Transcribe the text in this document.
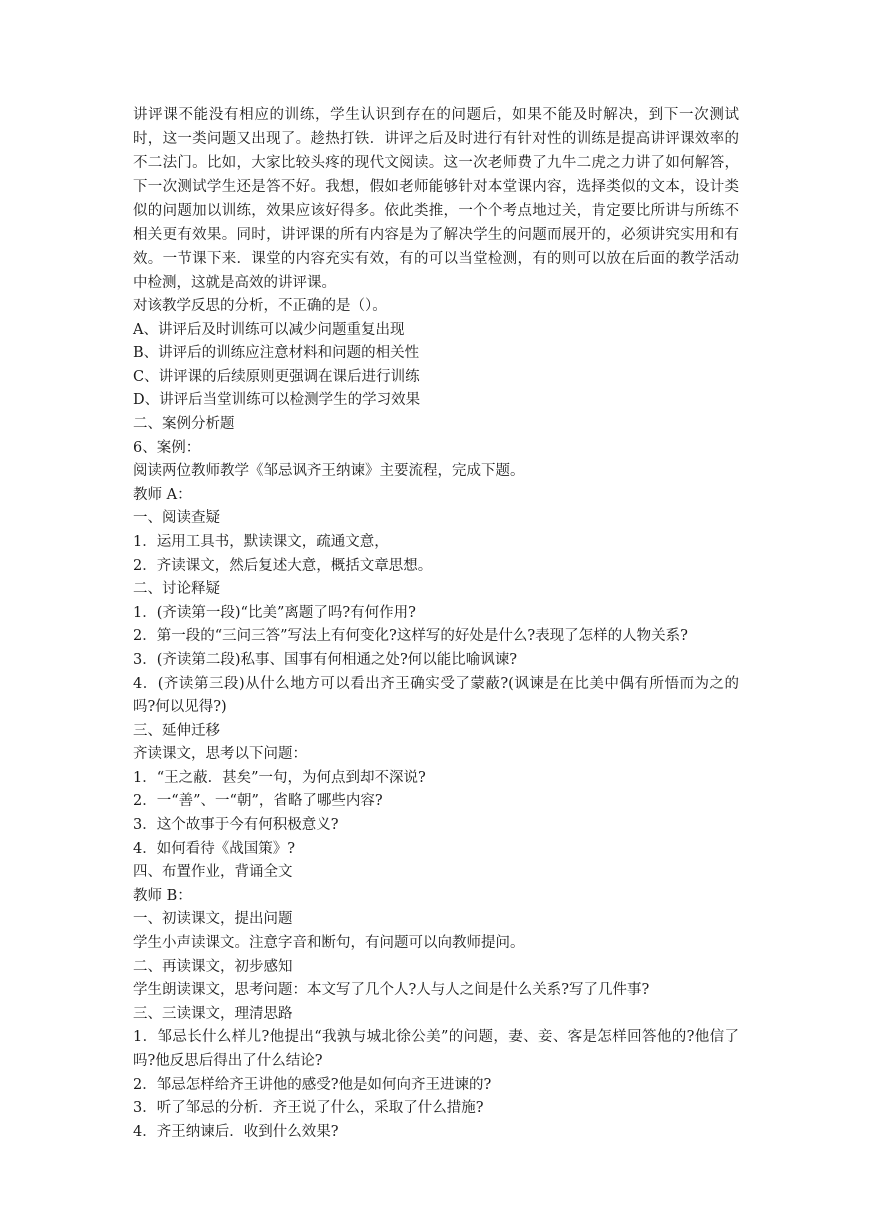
讲评课不能没有相应的训练，学生认识到存在的问题后，如果不能及时解决，到下一次测试时，这一类问题又出现了。趁热打铁．讲评之后及时进行有针对性的训练是提高讲评课效率的不二法门。比如，大家比较头疼的现代文阅读。这一次老师费了九牛二虎之力讲了如何解答，下一次测试学生还是答不好。我想，假如老师能够针对本堂课内容，选择类似的文本，设计类似的问题加以训练，效果应该好得多。依此类推，一个个考点地过关，肯定要比所讲与所练不相关更有效果。同时，讲评课的所有内容是为了解决学生的问题而展开的，必须讲究实用和有效。一节课下来．课堂的内容充实有效，有的可以当堂检测，有的则可以放在后面的教学活动中检测，这就是高效的讲评课。

对该教学反思的分析，不正确的是（）。

A、讲评后及时训练可以减少问题重复出现

B、讲评后的训练应注意材料和问题的相关性

C、讲评课的后续原则更强调在课后进行训练

D、讲评后当堂训练可以检测学生的学习效果

二、案例分析题

6、案例：

阅读两位教师教学《邹忌讽齐王纳谏》主要流程，完成下题。

教师 A：

一、阅读查疑

1．运用工具书，默读课文，疏通文意，

2．齐读课文，然后复述大意，概括文章思想。

二、讨论释疑

1．(齐读第一段)“比美”离题了吗?有何作用?

2．第一段的“三问三答”写法上有何变化?这样写的好处是什么?表现了怎样的人物关系?

3．(齐读第二段)私事、国事有何相通之处?何以能比喻讽谏?

4．(齐读第三段)从什么地方可以看出齐王确实受了蒙蔽?(讽谏是在比美中偶有所悟而为之的吗?何以见得?)

三、延伸迁移

齐读课文，思考以下问题：

1．“王之蔽．甚矣”一句，为何点到却不深说?

2．一“善”、一“朝”，省略了哪些内容?

3．这个故事于今有何积极意义?

4．如何看待《战国策》?

四、布置作业，背诵全文

教师 B：

一、初读课文，提出问题

学生小声读课文。注意字音和断句，有问题可以向教师提问。

二、再读课文，初步感知

学生朗读课文，思考问题：本文写了几个人?人与人之间是什么关系?写了几件事?

三、三读课文，理清思路

1．邹忌长什么样儿?他提出“我孰与城北徐公美”的问题，妻、妾、客是怎样回答他的?他信了吗?他反思后得出了什么结论?

2．邹忌怎样给齐王讲他的感受?他是如何向齐王进谏的?

3．听了邹忌的分析．齐王说了什么，采取了什么措施?

4．齐王纳谏后．收到什么效果?
